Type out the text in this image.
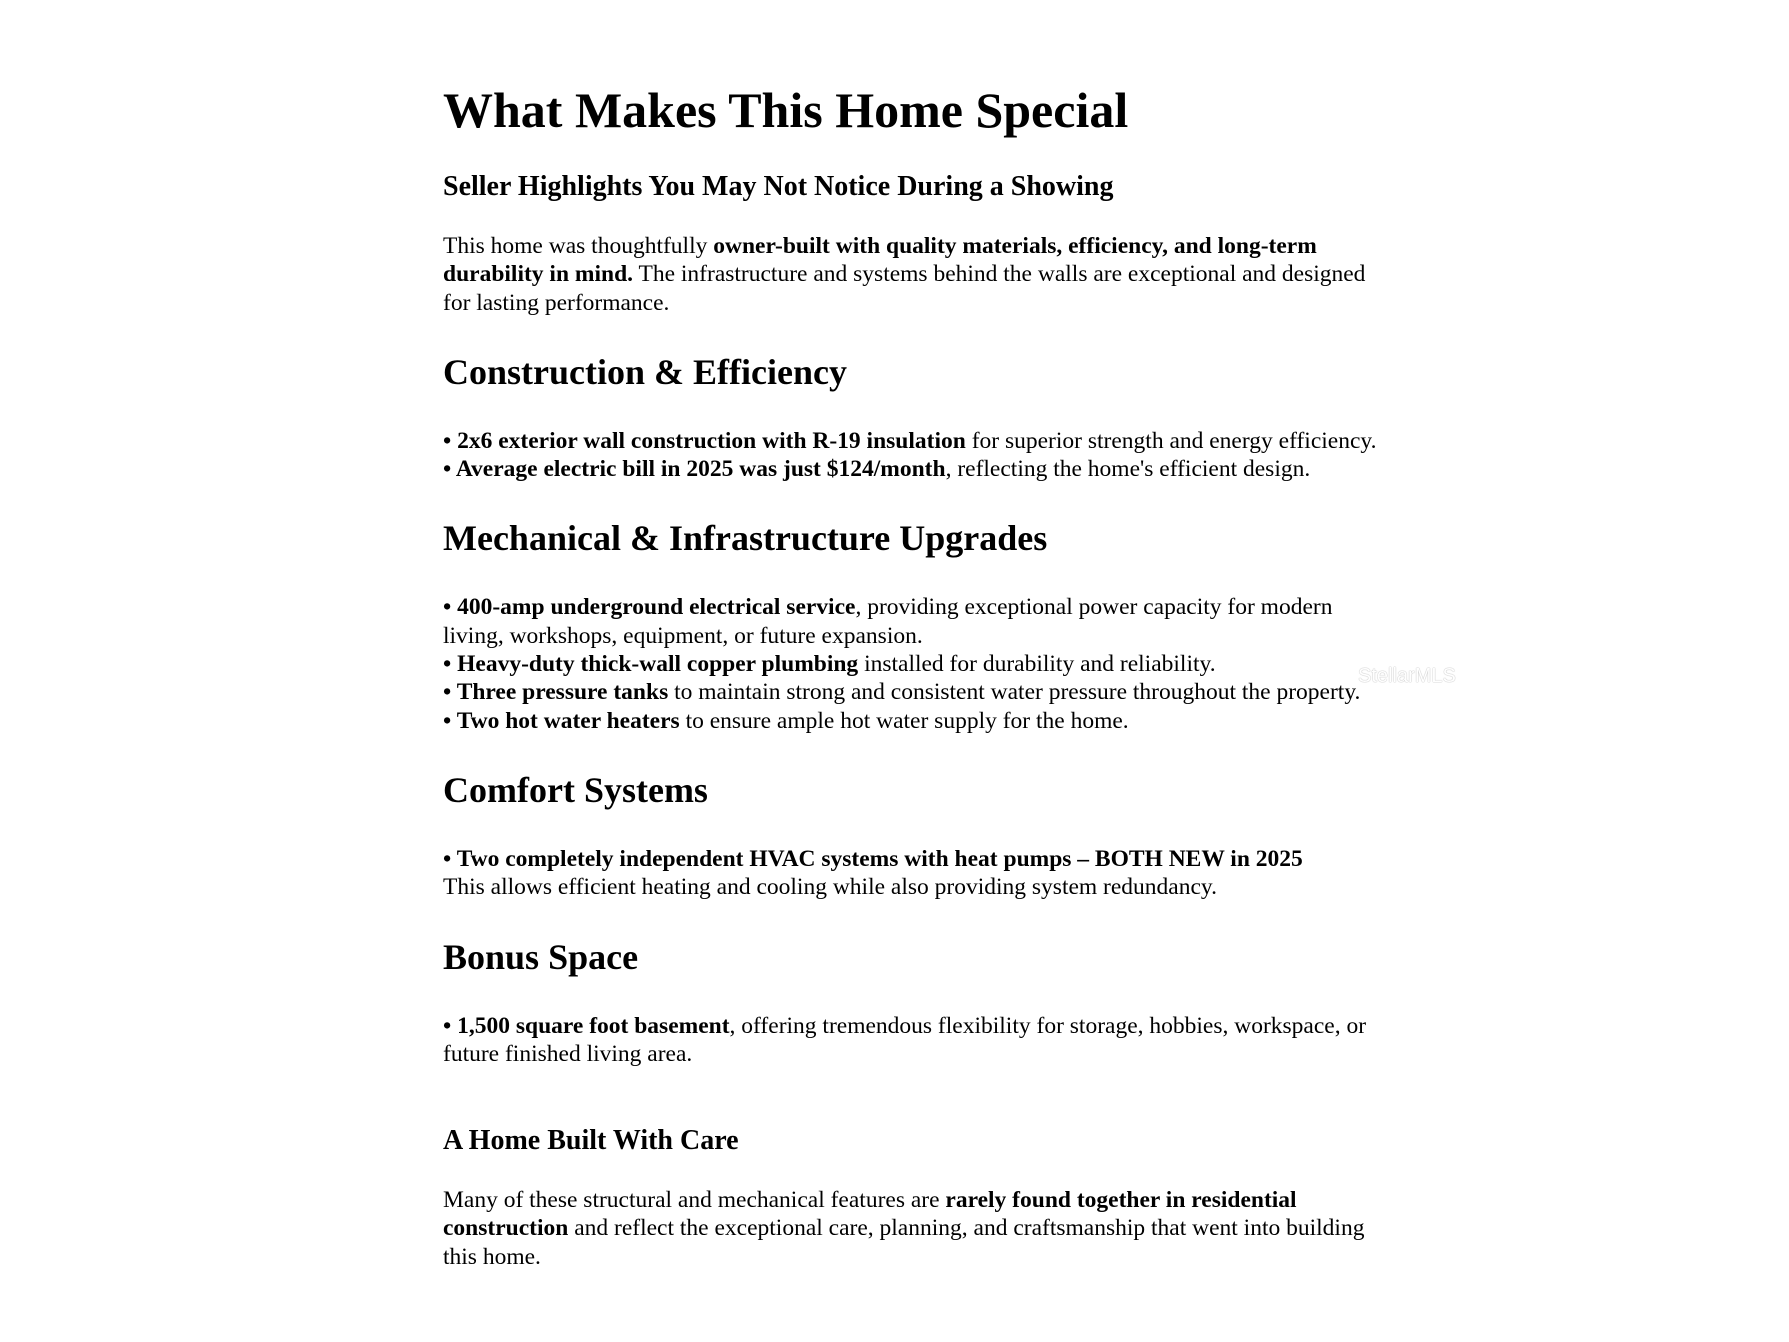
What Makes This Home Special
Seller Highlights You May Not Notice During a Showing

This home was thoughtfully owner-built with quality materials, efficiency, and long-term durability in mind. The infrastructure and systems behind the walls are exceptional and designed for lasting performance.

Construction & Efficiency
• 2x6 exterior wall construction with R-19 insulation for superior strength and energy efficiency.
• Average electric bill in 2025 was just $124/month, reflecting the home's efficient design.
Mechanical & Infrastructure Upgrades
• 400-amp underground electrical service, providing exceptional power capacity for modern living, workshops, equipment, or future expansion.
• Heavy-duty thick-wall copper plumbing installed for durability and reliability.
• Three pressure tanks to maintain strong and consistent water pressure throughout the property.
• Two hot water heaters to ensure ample hot water supply for the home.
Comfort Systems
• Two completely independent HVAC systems with heat pumps – BOTH NEW in 2025
This allows efficient heating and cooling while also providing system redundancy.
Bonus Space
• 1,500 square foot basement, offering tremendous flexibility for storage, hobbies, workspace, or future finished living area.
A Home Built With Care

Many of these structural and mechanical features are rarely found together in residential construction and reflect the exceptional care, planning, and craftsmanship that went into building this home.

StellarMLS
